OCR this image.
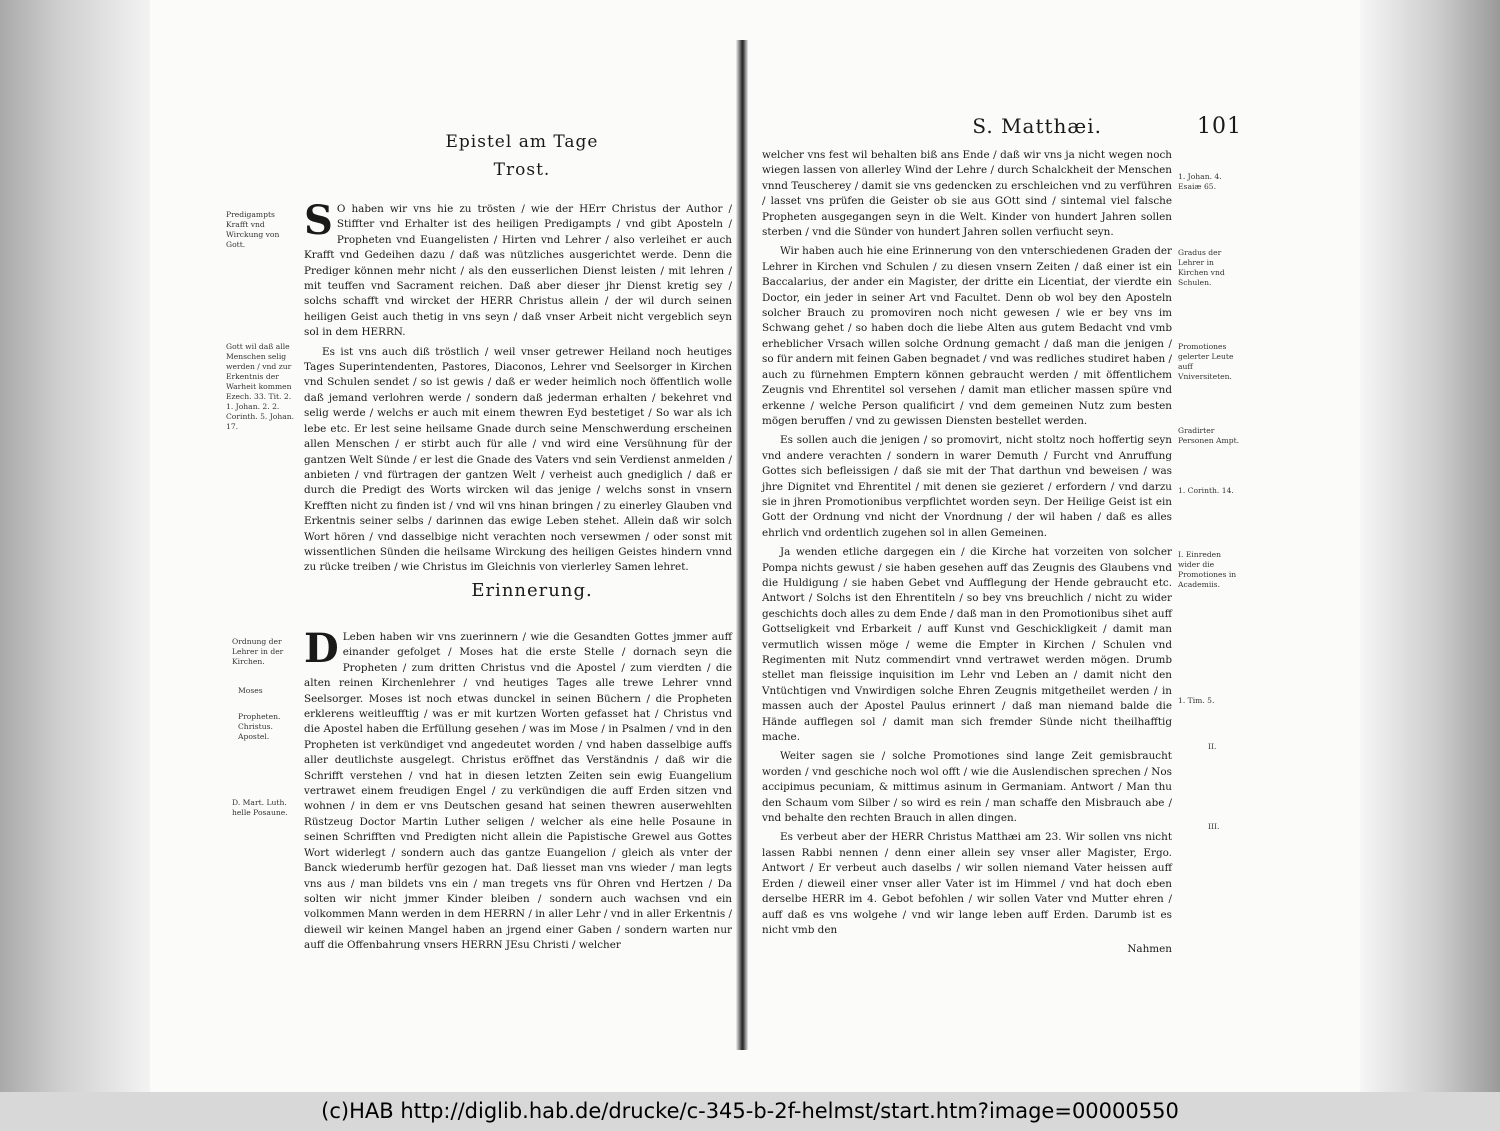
Epistel am Tage
Trost.
Predigampts Krafft vnd Wirckung von Gott.
Gott wil daß alle Menschen selig werden / vnd zur Erkentnis der Warheit kommen Ezech. 33. Tit. 2. 1. Johan. 2. 2. Corinth. 5. Johan. 17.

S O haben wir vns hie zu trösten / wie der HErr Christus der Author / Stiffter vnd Erhalter ist des heiligen Predigampts / vnd gibt Aposteln / Propheten vnd Euangelisten / Hirten vnd Lehrer / also verleihet er auch Krafft vnd Gedeihen dazu / daß was nützliches ausgerichtet werde. Denn die Prediger können mehr nicht / als den eusserlichen Dienst leisten / mit lehren / mit teuffen vnd Sacrament reichen. Daß aber dieser jhr Dienst kretig sey / solchs schafft vnd wircket der HERR Christus allein / der wil durch seinen heiligen Geist auch thetig in vns seyn / daß vnser Arbeit nicht vergeblich seyn sol in dem HERRN.

Es ist vns auch diß tröstlich / weil vnser getrewer Heiland noch heutiges Tages Superintendenten, Pastores, Diaconos, Lehrer vnd Seelsorger in Kirchen vnd Schulen sendet / so ist gewis / daß er weder heimlich noch öffentlich wolle daß jemand verlohren werde / sondern daß jederman erhalten / bekehret vnd selig werde / welchs er auch mit einem thewren Eyd bestetiget / So war als ich lebe etc. Er lest seine heilsame Gnade durch seine Menschwerdung erscheinen allen Menschen / er stirbt auch für alle / vnd wird eine Versühnung für der gantzen Welt Sünde / er lest die Gnade des Vaters vnd sein Verdienst anmelden / anbieten / vnd fürtragen der gantzen Welt / verheist auch gnediglich / daß er durch die Predigt des Worts wircken wil das jenige / welchs sonst in vnsern Krefften nicht zu finden ist / vnd wil vns hinan bringen / zu einerley Glauben vnd Erkentnis seiner selbs / darinnen das ewige Leben stehet. Allein daß wir solch Wort hören / vnd dasselbige nicht verachten noch versewmen / oder sonst mit wissentlichen Sünden die heilsame Wirckung des heiligen Geistes hindern vnnd zu rücke treiben / wie Christus im Gleichnis von vierlerley Samen lehret.

Erinnerung.
Ordnung der Lehrer in der Kirchen.
Moses
Propheten. Christus. Apostel.
D. Mart. Luth. helle Posaune.

D Leben haben wir vns zuerinnern / wie die Gesandten Gottes jmmer auff einander gefolget / Moses hat die erste Stelle / dornach seyn die Propheten / zum dritten Christus vnd die Apostel / zum vierdten / die alten reinen Kirchenlehrer / vnd heutiges Tages alle trewe Lehrer vnnd Seelsorger. Moses ist noch etwas dunckel in seinen Büchern / die Propheten erklerens weitleufftig / was er mit kurtzen Worten gefasset hat / Christus vnd die Apostel haben die Erfüllung gesehen / was im Mose / in Psalmen / vnd in den Propheten ist verkündiget vnd angedeutet worden / vnd haben dasselbige auffs aller deutlichste ausgelegt. Christus eröffnet das Verständnis / daß wir die Schrifft verstehen / vnd hat in diesen letzten Zeiten sein ewig Euangelium vertrawet einem freudigen Engel / zu verkündigen die auff Erden sitzen vnd wohnen / in dem er vns Deutschen gesand hat seinen thewren auserwehlten Rüstzeug Doctor Martin Luther seligen / welcher als eine helle Posaune in seinen Schrifften vnd Predigten nicht allein die Papistische Grewel aus Gottes Wort widerlegt / sondern auch das gantze Euangelion / gleich als vnter der Banck wiederumb herfür gezogen hat. Daß liesset man vns wieder / man legts vns aus / man bildets vns ein / man tregets vns für Ohren vnd Hertzen / Da solten wir nicht jmmer Kinder bleiben / sondern auch wachsen vnd ein volkommen Mann werden in dem HERRN / in aller Lehr / vnd in aller Erkentnis / dieweil wir keinen Mangel haben an jrgend einer Gaben / sondern warten nur auff die Offenbahrung vnsers HERRN JEsu Christi / welcher

S. Matthæi.	101

welcher vns fest wil behalten biß ans Ende / daß wir vns ja nicht wegen noch wiegen lassen von allerley Wind der Lehre / durch Schalckheit der Menschen vnnd Teuscherey / damit sie vns gedencken zu erschleichen vnd zu verführen / lasset vns prüfen die Geister ob sie aus GOtt sind / sintemal viel falsche Propheten ausgegangen seyn in die Welt. Kinder von hundert Jahren sollen sterben / vnd die Sünder von hundert Jahren sollen verfiucht seyn.

Wir haben auch hie eine Erinnerung von den vnterschiedenen Graden der Lehrer in Kirchen vnd Schulen / zu diesen vnsern Zeiten / daß einer ist ein Baccalarius, der ander ein Magister, der dritte ein Licentiat, der vierdte ein Doctor, ein jeder in seiner Art vnd Facultet. Denn ob wol bey den Aposteln solcher Brauch zu promoviren noch nicht gewesen / wie er bey vns im Schwang gehet / so haben doch die liebe Alten aus gutem Bedacht vnd vmb erheblicher Vrsach willen solche Ordnung gemacht / daß man die jenigen / so für andern mit feinen Gaben begnadet / vnd was redliches studiret haben / auch zu fürnehmen Emptern können gebraucht werden / mit öffentlichem Zeugnis vnd Ehrentitel sol versehen / damit man etlicher massen spüre vnd erkenne / welche Person qualificirt / vnd dem gemeinen Nutz zum besten mögen beruffen / vnd zu gewissen Diensten bestellet werden.

Es sollen auch die jenigen / so promovirt, nicht stoltz noch hoffertig seyn vnd andere verachten / sondern in warer Demuth / Furcht vnd Anruffung Gottes sich befleissigen / daß sie mit der That darthun vnd beweisen / was jhre Dignitet vnd Ehrentitel / mit denen sie gezieret / erfordern / vnd darzu sie in jhren Promotionibus verpflichtet worden seyn. Der Heilige Geist ist ein Gott der Ordnung vnd nicht der Vnordnung / der wil haben / daß es alles ehrlich vnd ordentlich zugehen sol in allen Gemeinen.

Ja wenden etliche dargegen ein / die Kirche hat vorzeiten von solcher Pompa nichts gewust / sie haben gesehen auff das Zeugnis des Glaubens vnd die Huldigung / sie haben Gebet vnd Aufflegung der Hende gebraucht etc. Antwort / Solchs ist den Ehrentiteln / so bey vns breuchlich / nicht zu wider geschichts doch alles zu dem Ende / daß man in den Promotionibus sihet auff Gottseligkeit vnd Erbarkeit / auff Kunst vnd Geschickligkeit / damit man vermutlich wissen möge / weme die Empter in Kirchen / Schulen vnd Regimenten mit Nutz commendirt vnnd vertrawet werden mögen. Drumb stellet man fleissige inquisition im Lehr vnd Leben an / damit nicht den Vntüchtigen vnd Vnwirdigen solche Ehren Zeugnis mitgetheilet werden / in massen auch der Apostel Paulus erinnert / daß man niemand balde die Hände aufflegen sol / damit man sich fremder Sünde nicht theilhafftig mache.

Weiter sagen sie / solche Promotiones sind lange Zeit gemisbraucht worden / vnd geschiche noch wol offt / wie die Auslendischen sprechen / Nos accipimus pecuniam, & mittimus asinum in Germaniam. Antwort / Man thu den Schaum vom Silber / so wird es rein / man schaffe den Misbrauch abe / vnd behalte den rechten Brauch in allen dingen.

Es verbeut aber der HERR Christus Matthæi am 23. Wir sollen vns nicht lassen Rabbi nennen / denn einer allein sey vnser aller Magister, Ergo. Antwort / Er verbeut auch daselbs / wir sollen niemand Vater heissen auff Erden / dieweil einer vnser aller Vater ist im Himmel / vnd hat doch eben derselbe HERR im 4. Gebot befohlen / wir sollen Vater vnd Mutter ehren / auff daß es vns wolgehe / vnd wir lange leben auff Erden. Darumb ist es nicht vmb den

Nahmen
1. Johan. 4. Esaiæ 65.
Gradus der Lehrer in Kirchen vnd Schulen.
Promotiones gelerter Leute auff Vniversiteten.
Gradirter Personen Ampt.
1. Corinth. 14.
I. Einreden wider die Promotiones in Academiis.
1. Tim. 5.
II.
III.
(c)HAB http://diglib.hab.de/drucke/c-345-b-2f-helmst/start.htm?image=00000550
